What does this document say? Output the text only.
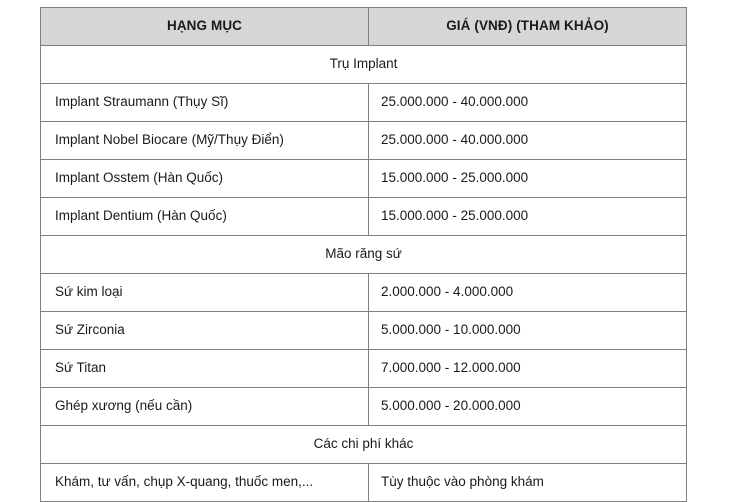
HẠNG MỤC	GIÁ (VNĐ) (THAM KHẢO)
Trụ Implant	
Implant Straumann (Thụy Sĩ)	25.000.000 - 40.000.000
Implant Nobel Biocare (Mỹ/Thụy Điển)	25.000.000 - 40.000.000
Implant Osstem (Hàn Quốc)	15.000.000 - 25.000.000
Implant Dentium (Hàn Quốc)	15.000.000 - 25.000.000
Mão răng sứ	
Sứ kim loại	2.000.000 - 4.000.000
Sứ Zirconia	5.000.000 - 10.000.000
Sứ Titan	7.000.000 - 12.000.000
Ghép xương (nếu cần)	5.000.000 - 20.000.000
Các chi phí khác	
Khám, tư vấn, chụp X-quang, thuốc men,...	Tùy thuộc vào phòng khám
